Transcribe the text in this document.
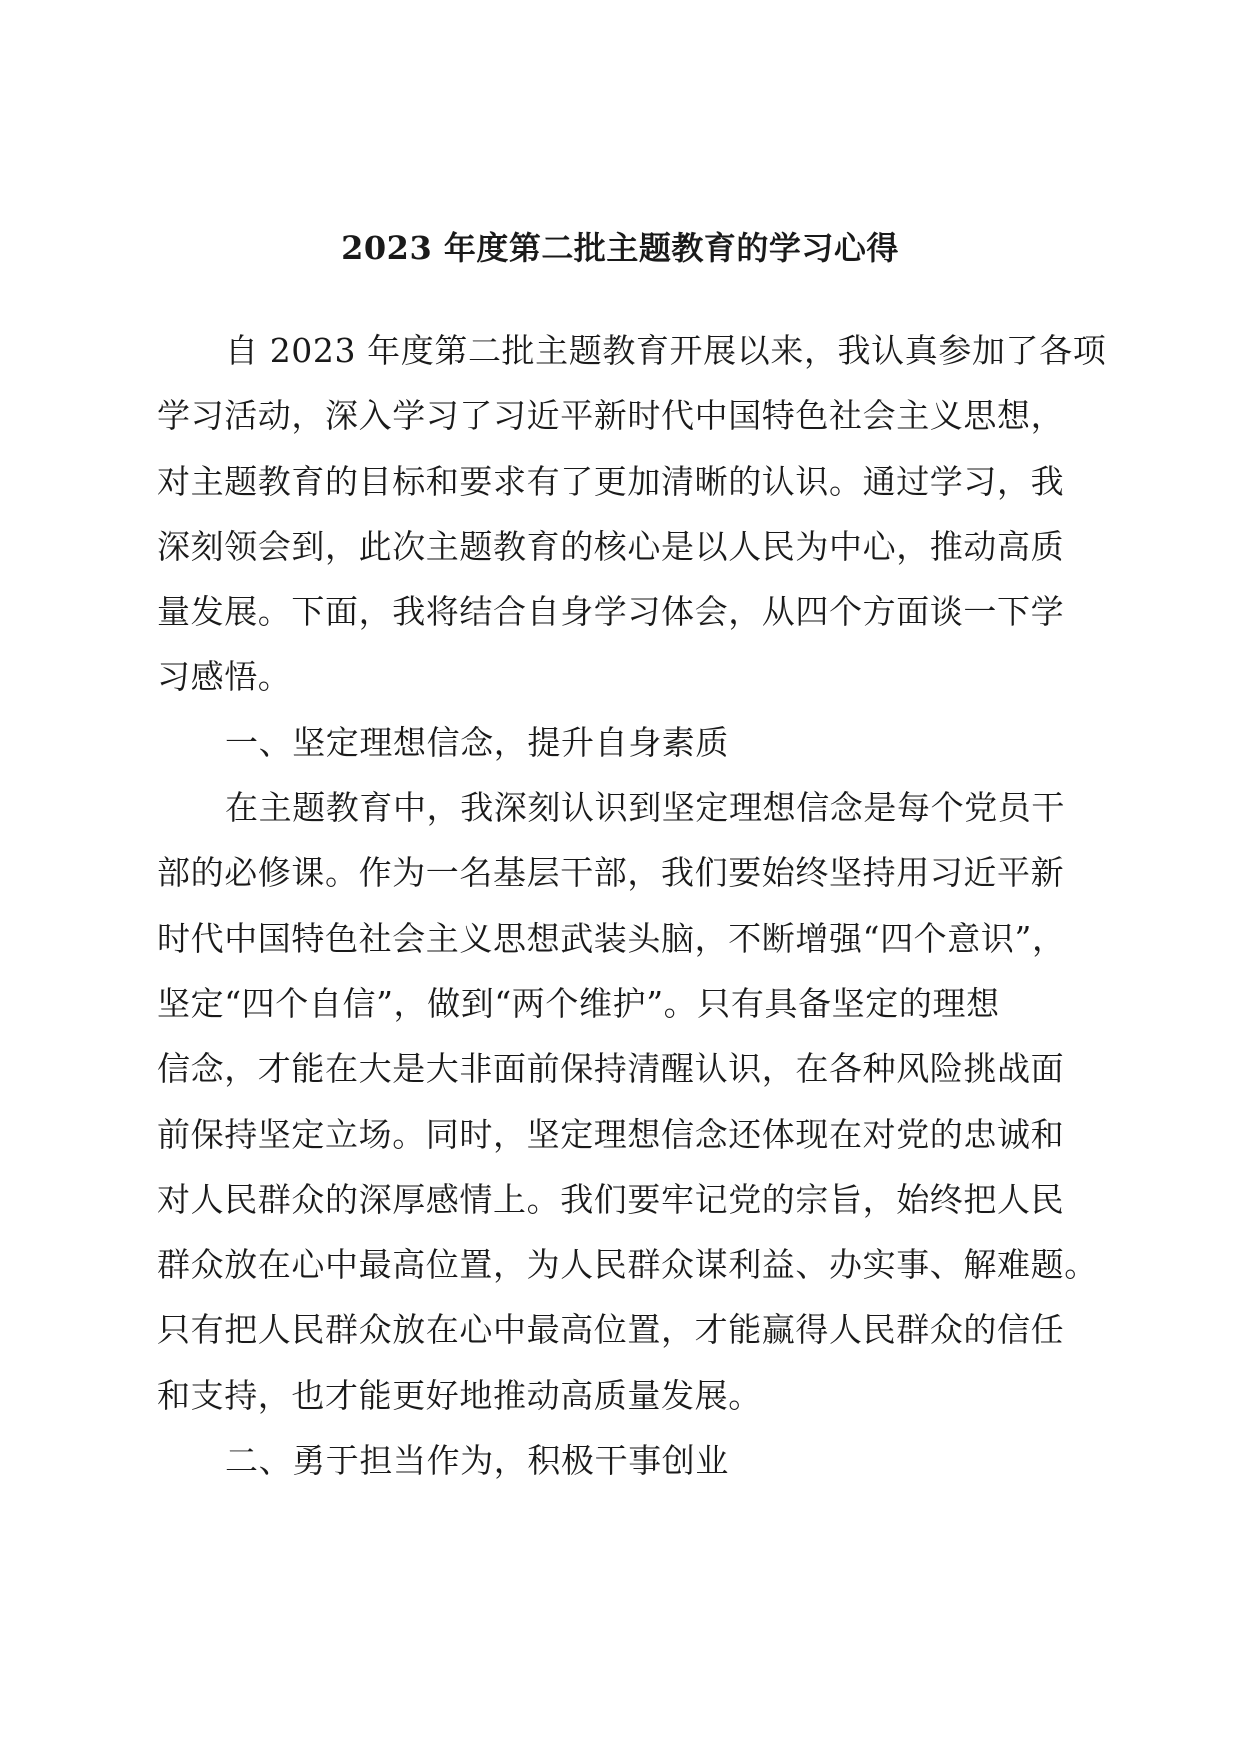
2023 年度第二批主题教育的学习心得
自 2023 年度第二批主题教育开展以来，我认真参加了各项
学习活动，深入学习了习近平新时代中国特色社会主义思想，
对主题教育的目标和要求有了更加清晰的认识。通过学习，我
深刻领会到，此次主题教育的核心是以人民为中心，推动高质
量发展。下面，我将结合自身学习体会，从四个方面谈一下学
习感悟。
一、坚定理想信念，提升自身素质
在主题教育中，我深刻认识到坚定理想信念是每个党员干
部的必修课。作为一名基层干部，我们要始终坚持用习近平新
时代中国特色社会主义思想武装头脑，不断增强“四个意识”，
坚定“四个自信”，做到“两个维护”。只有具备坚定的理想
信念，才能在大是大非面前保持清醒认识，在各种风险挑战面
前保持坚定立场。同时，坚定理想信念还体现在对党的忠诚和
对人民群众的深厚感情上。我们要牢记党的宗旨，始终把人民
群众放在心中最高位置，为人民群众谋利益、办实事、解难题。
只有把人民群众放在心中最高位置，才能赢得人民群众的信任
和支持，也才能更好地推动高质量发展。
二、勇于担当作为，积极干事创业
